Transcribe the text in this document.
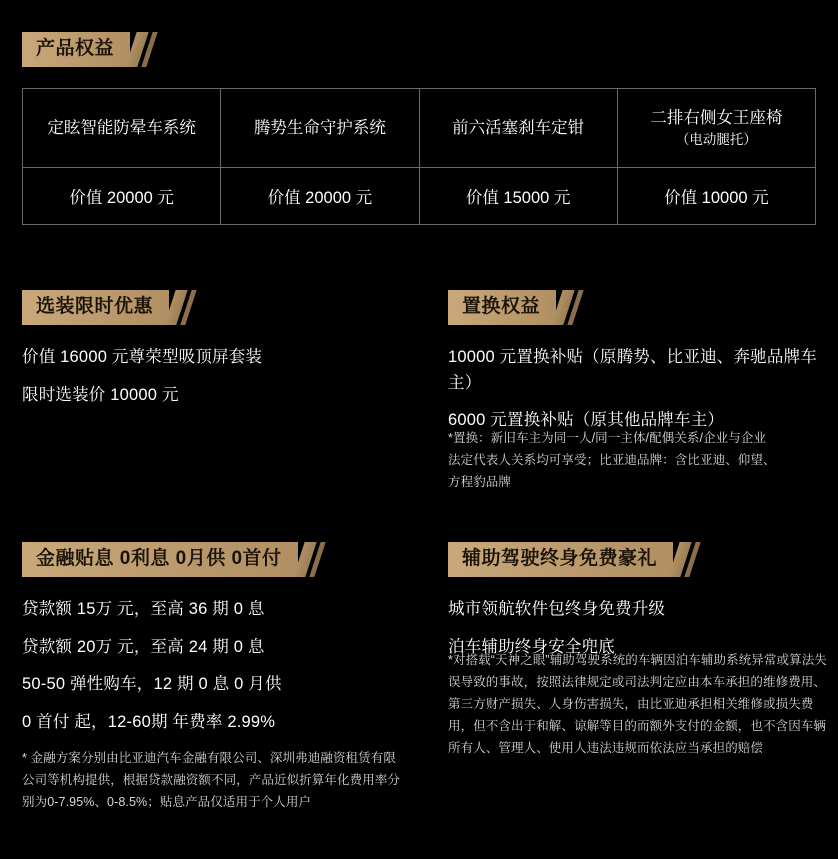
产品权益
定眩智能防晕车系统	腾势生命守护系统	前六活塞刹车定钳	二排右侧女王座椅
（电动腿托）

价值 20000 元	价值 20000 元	价值 15000 元	价值 10000 元
选装限时优惠

价值 16000 元尊荣型吸顶屏套装

限时选装价 10000 元

置换权益

10000 元置换补贴（原腾势、比亚迪、奔驰品牌车主）

6000 元置换补贴（原其他品牌车主）

*置换：新旧车主为同一人/同一主体/配偶关系/企业与企业法定代表人关系均可享受；比亚迪品牌：含比亚迪、仰望、方程豹品牌
金融贴息 0利息 0月供 0首付

贷款额 15万 元，至高 36 期 0 息

贷款额 20万 元，至高 24 期 0 息

50-50 弹性购车，12 期 0 息 0 月供

0 首付 起，12-60期 年费率 2.99%

* 金融方案分别由比亚迪汽车金融有限公司、深圳弗迪融资租赁有限公司等机构提供，根据贷款融资额不同，产品近似折算年化费用率分别为0-7.95%、0-8.5%；贴息产品仅适用于个人用户
辅助驾驶终身免费豪礼

城市领航软件包终身免费升级

泊车辅助终身安全兜底

*对搭载“天神之眼”辅助驾驶系统的车辆因泊车辅助系统异常或算法失误导致的事故，按照法律规定或司法判定应由本车承担的维修费用、第三方财产损失、人身伤害损失，由比亚迪承担相关维修或损失费用，但不含出于和解、谅解等目的而额外支付的金额，也不含因车辆所有人、管理人、使用人违法违规而依法应当承担的赔偿
